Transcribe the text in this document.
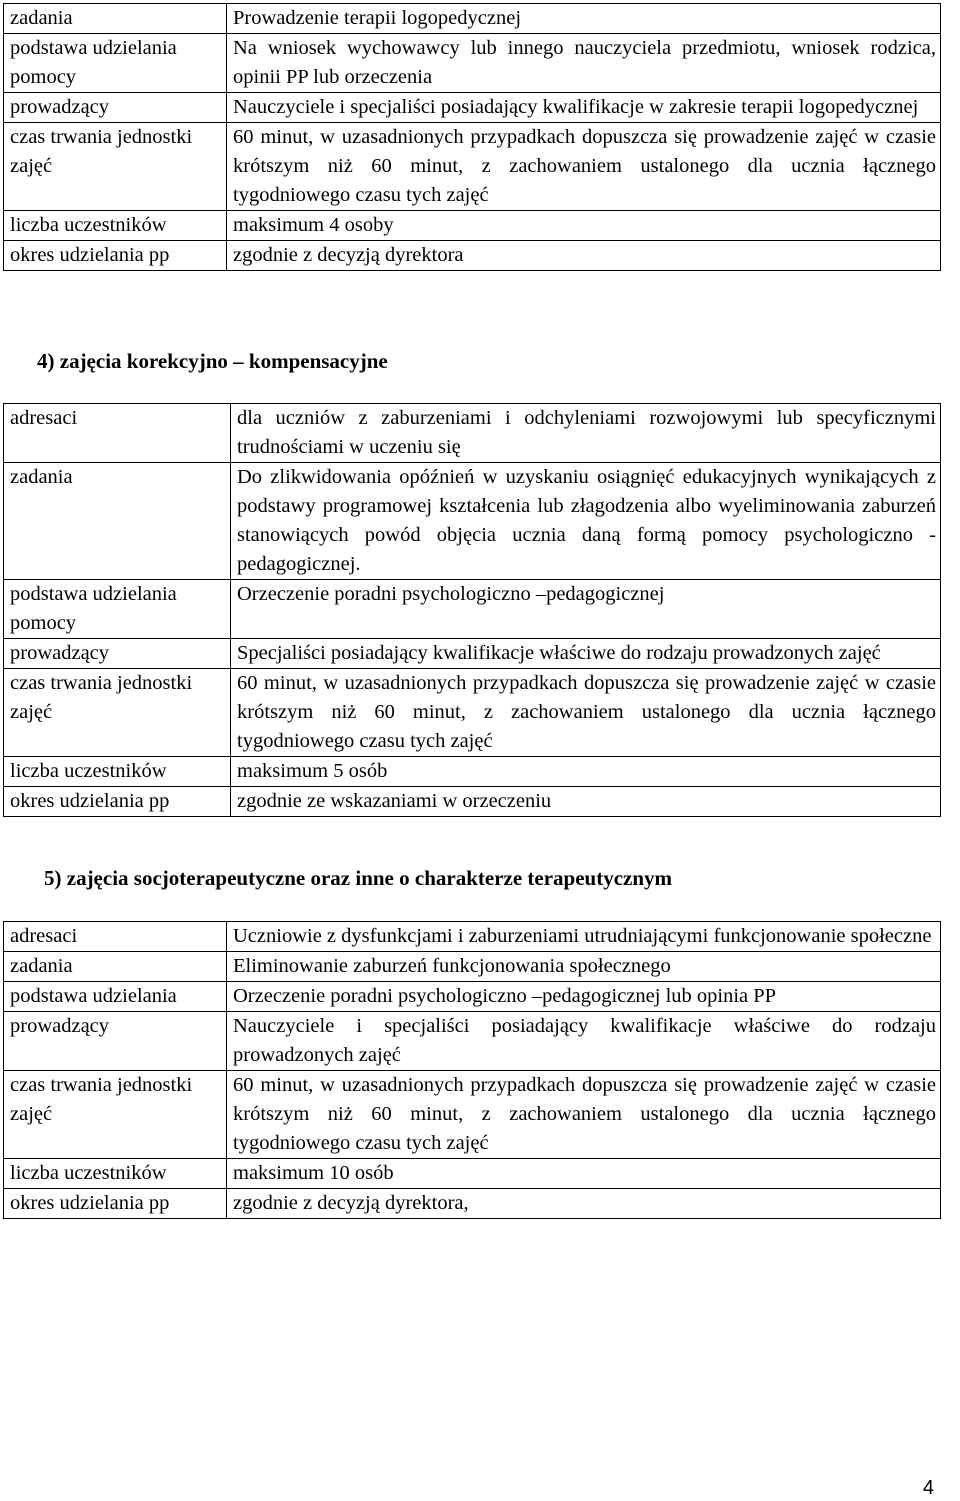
zadania	Prowadzenie terapii logopedycznej
podstawa udzielania pomocy	Na wniosek wychowawcy lub innego nauczyciela przedmiotu, wniosek rodzica, opinii PP lub orzeczenia
prowadzący	Nauczyciele i specjaliści posiadający kwalifikacje w zakresie terapii logopedycznej
czas trwania jednostki zajęć	60 minut, w uzasadnionych przypadkach dopuszcza się prowadzenie zajęć w czasie krótszym niż 60 minut, z zachowaniem ustalonego dla ucznia łącznego tygodniowego czasu tych zajęć
liczba uczestników	maksimum 4 osoby
okres udzielania pp	zgodnie z decyzją dyrektora
4) zajęcia korekcyjno – kompensacyjne
adresaci	dla uczniów z zaburzeniami i odchyleniami rozwojowymi lub specyficznymi trudnościami w uczeniu się
zadania	Do zlikwidowania opóźnień w uzyskaniu osiągnięć edukacyjnych wynikających z podstawy programowej kształcenia lub złagodzenia albo wyeliminowania zaburzeń stanowiących powód objęcia ucznia daną formą pomocy psychologiczno -pedagogicznej.
podstawa udzielania pomocy	Orzeczenie poradni psychologiczno –pedagogicznej
prowadzący	Specjaliści posiadający kwalifikacje właściwe do rodzaju prowadzonych zajęć
czas trwania jednostki zajęć	60 minut, w uzasadnionych przypadkach dopuszcza się prowadzenie zajęć w czasie krótszym niż 60 minut, z zachowaniem ustalonego dla ucznia łącznego tygodniowego czasu tych zajęć
liczba uczestników	maksimum 5 osób
okres udzielania pp	zgodnie ze wskazaniami w orzeczeniu
5) zajęcia socjoterapeutyczne oraz inne o charakterze terapeutycznym
adresaci	Uczniowie z dysfunkcjami i zaburzeniami utrudniającymi funkcjonowanie społeczne
zadania	Eliminowanie zaburzeń funkcjonowania społecznego
podstawa udzielania	Orzeczenie poradni psychologiczno –pedagogicznej lub opinia PP
prowadzący	Nauczyciele i specjaliści posiadający kwalifikacje właściwe do rodzaju prowadzonych zajęć
czas trwania jednostki zajęć	60 minut, w uzasadnionych przypadkach dopuszcza się prowadzenie zajęć w czasie krótszym niż 60 minut, z zachowaniem ustalonego dla ucznia łącznego tygodniowego czasu tych zajęć
liczba uczestników	maksimum 10 osób
okres udzielania pp	zgodnie z decyzją dyrektora,
4
